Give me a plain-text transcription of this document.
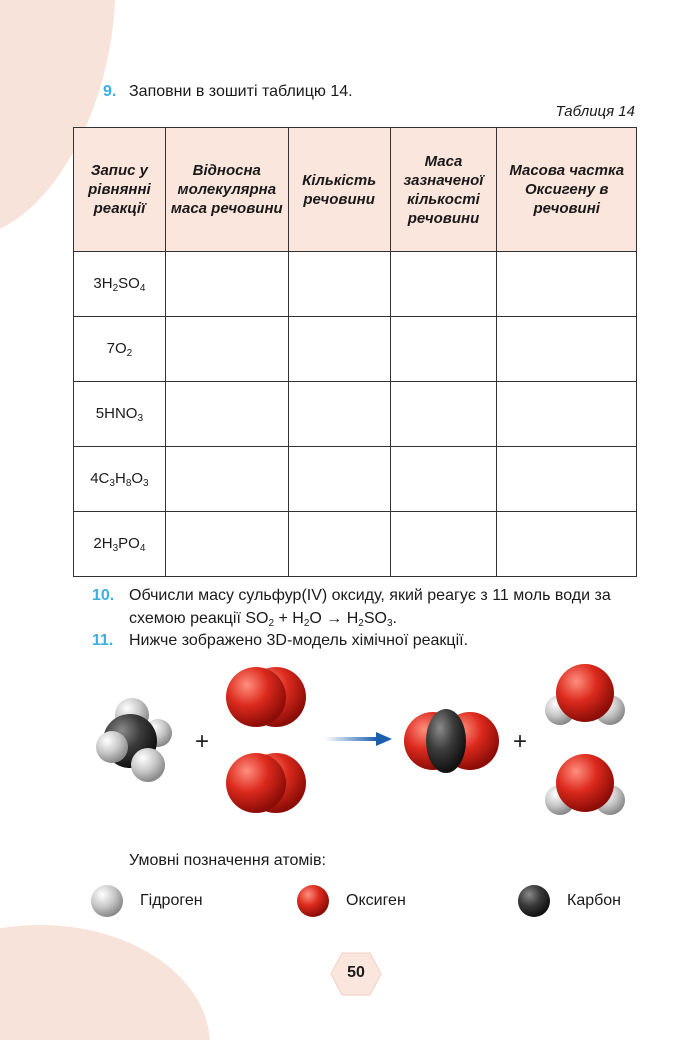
9. Заповни в зошиті таблицю 14.
Таблиця 14
Запис у рівнянні реакції	Відносна молекулярна маса речовини	Кількість речовини	Маса зазначеної кількості речовини	Масова частка Оксигену в речовині
$3H_2SO_4$				
$7O_2$				
$5HNO_3$				
$4C_3H_8O_3$				
$2H_3PO_4$				
10. Обчисли масу сульфур(IV) оксиду, який реагує з 11 моль води за
схемою реакції $SO_2 + H_2O \to H_2SO_3$.
11. Нижче зображено 3D-модель хімічної реакції.
+	+
Умовні позначення атомів:
Гідроген	Оксиген	Карбон
50
